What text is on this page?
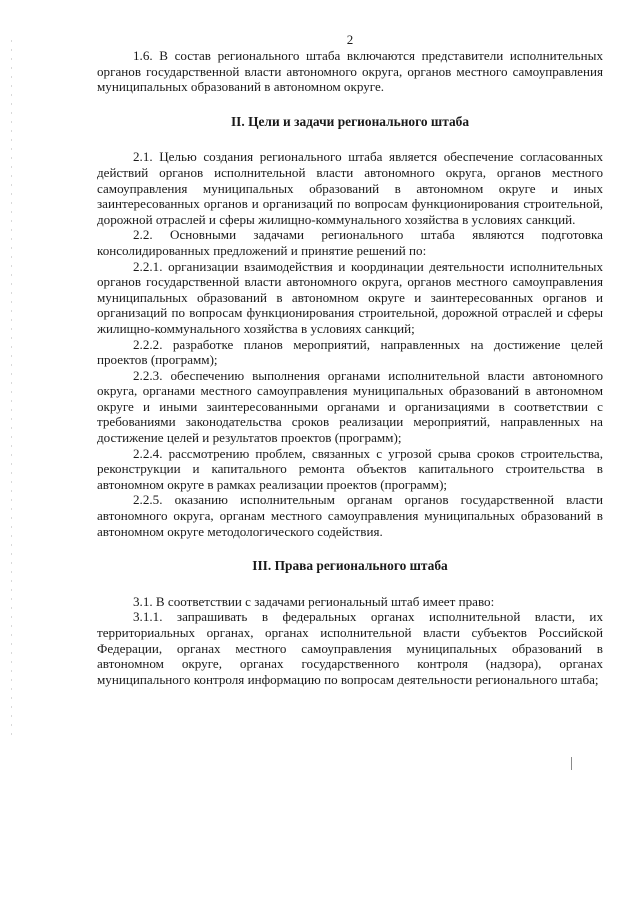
2

1.6. В состав регионального штаба включаются представители исполнительных органов государственной власти автономного округа, органов местного самоуправления муниципальных образований в автономном округе.

II. Цели и задачи регионального штаба

2.1. Целью создания регионального штаба является обеспечение согласованных действий органов исполнительной власти автономного округа, органов местного самоуправления муниципальных образований в автономном округе и иных заинтересованных органов и организаций по вопросам функционирования строительной, дорожной отраслей и сферы жилищно-коммунального хозяйства в условиях санкций.

2.2. Основными задачами регионального штаба являются подготовка консолидированных предложений и принятие решений по:

2.2.1. организации взаимодействия и координации деятельности исполнительных органов государственной власти автономного округа, органов местного самоуправления муниципальных образований в автономном округе и заинтересованных органов и организаций по вопросам функционирования строительной, дорожной отраслей и сферы жилищно-коммунального хозяйства в условиях санкций;

2.2.2. разработке планов мероприятий, направленных на достижение целей проектов (программ);

2.2.3. обеспечению выполнения органами исполнительной власти автономного округа, органами местного самоуправления муниципальных образований в автономном округе и иными заинтересованными органами и организациями в соответствии с требованиями законодательства сроков реализации мероприятий, направленных на достижение целей и результатов проектов (программ);

2.2.4. рассмотрению проблем, связанных с угрозой срыва сроков строительства, реконструкции и капитального ремонта объектов капитального строительства в автономном округе в рамках реализации проектов (программ);

2.2.5. оказанию исполнительным органам органов государственной власти автономного округа, органам местного самоуправления муниципальных образований в автономном округе методологического содействия.

III. Права регионального штаба

3.1. В соответствии с задачами региональный штаб имеет право:

3.1.1. запрашивать в федеральных органах исполнительной власти, их территориальных органах, органах исполнительной власти субъектов Российской Федерации, органах местного самоуправления муниципальных образований в автономном округе, органах государственного контроля (надзора), органах муниципального контроля информацию по вопросам деятельности регионального штаба;
